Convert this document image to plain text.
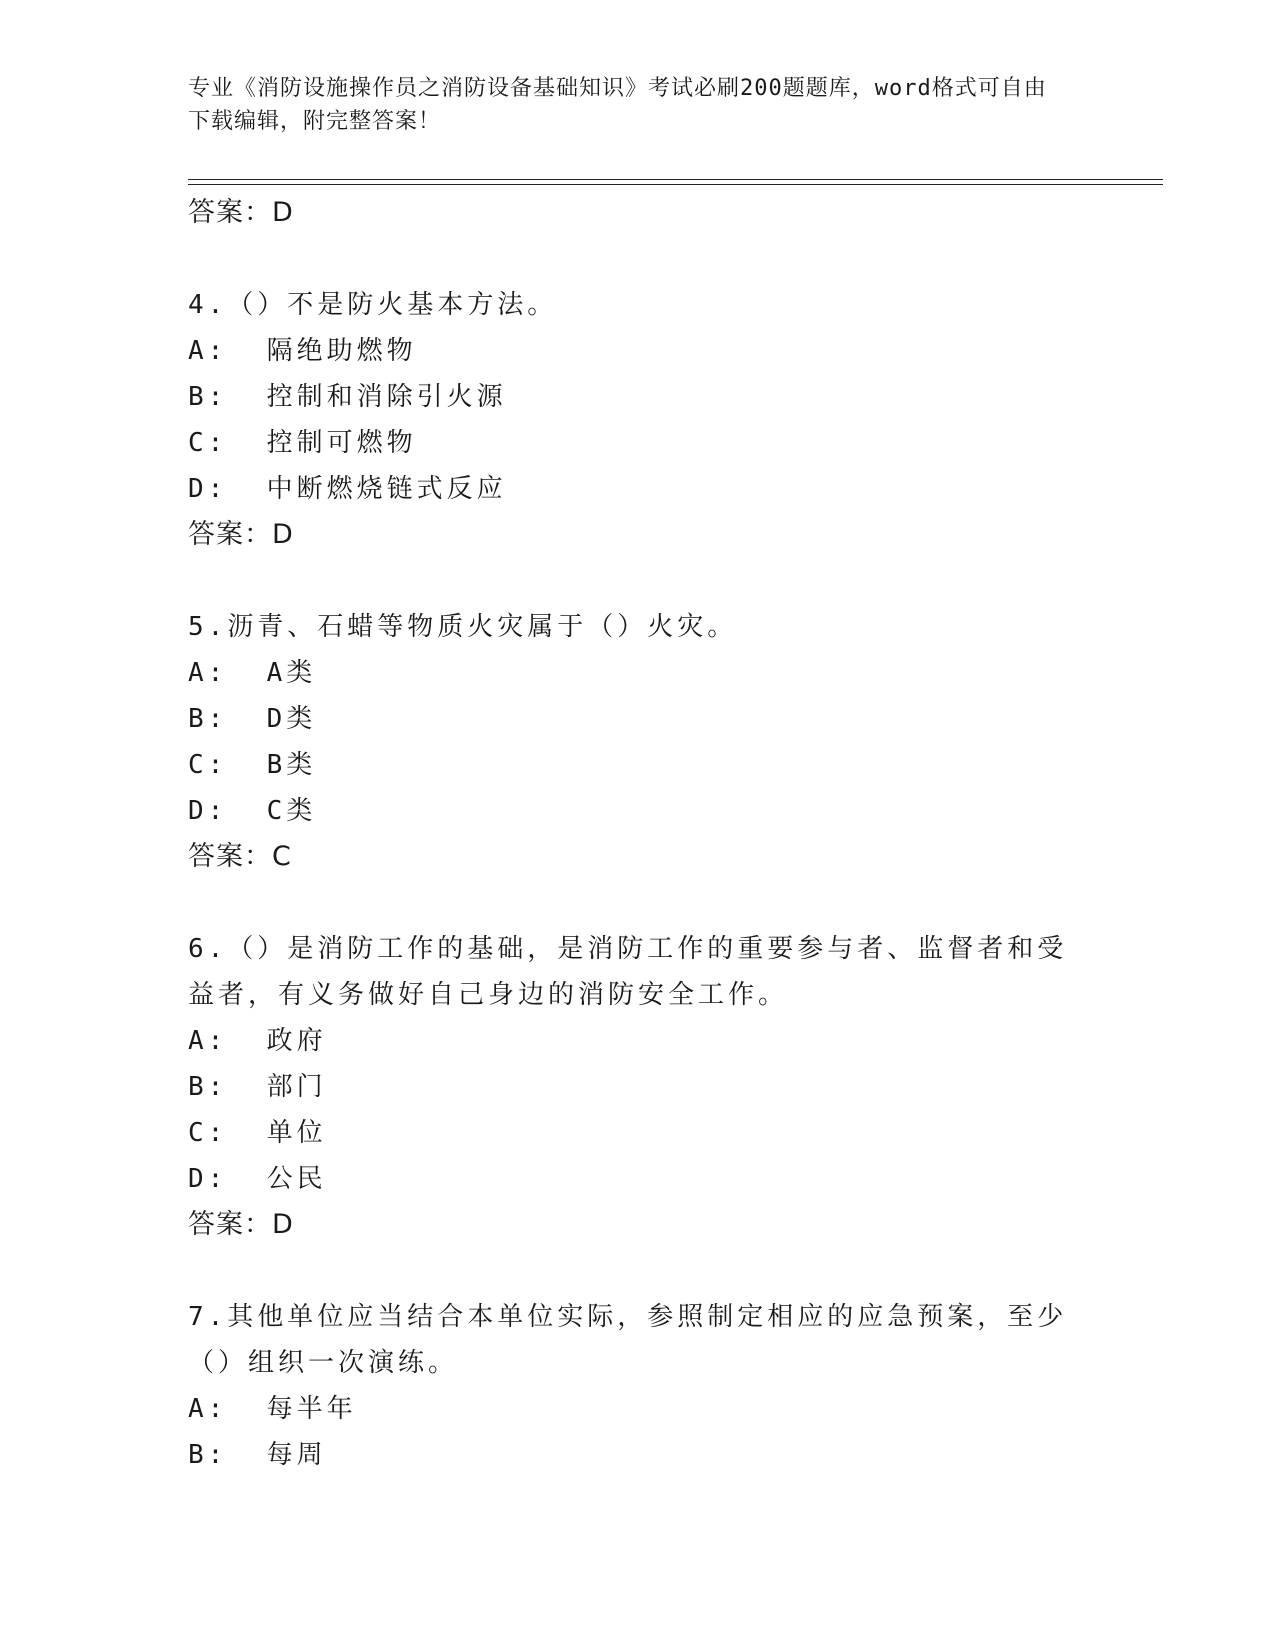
专业《消防设施操作员之消防设备基础知识》考试必刷200题题库，word格式可自由下载编辑，附完整答案！
答案：D
4.（）不是防火基本方法。
A:  隔绝助燃物
B:  控制和消除引火源
C:  控制可燃物
D:  中断燃烧链式反应
答案：D
5.沥青、石蜡等物质火灾属于（）火灾。
A:  A类
B:  D类
C:  B类
D:  C类
答案：C
6.（）是消防工作的基础，是消防工作的重要参与者、监督者和受益者，有义务做好自己身边的消防安全工作。
A:  政府
B:  部门
C:  单位
D:  公民
答案：D
7.其他单位应当结合本单位实际，参照制定相应的应急预案，至少（）组织一次演练。
A:  每半年
B:  每周
